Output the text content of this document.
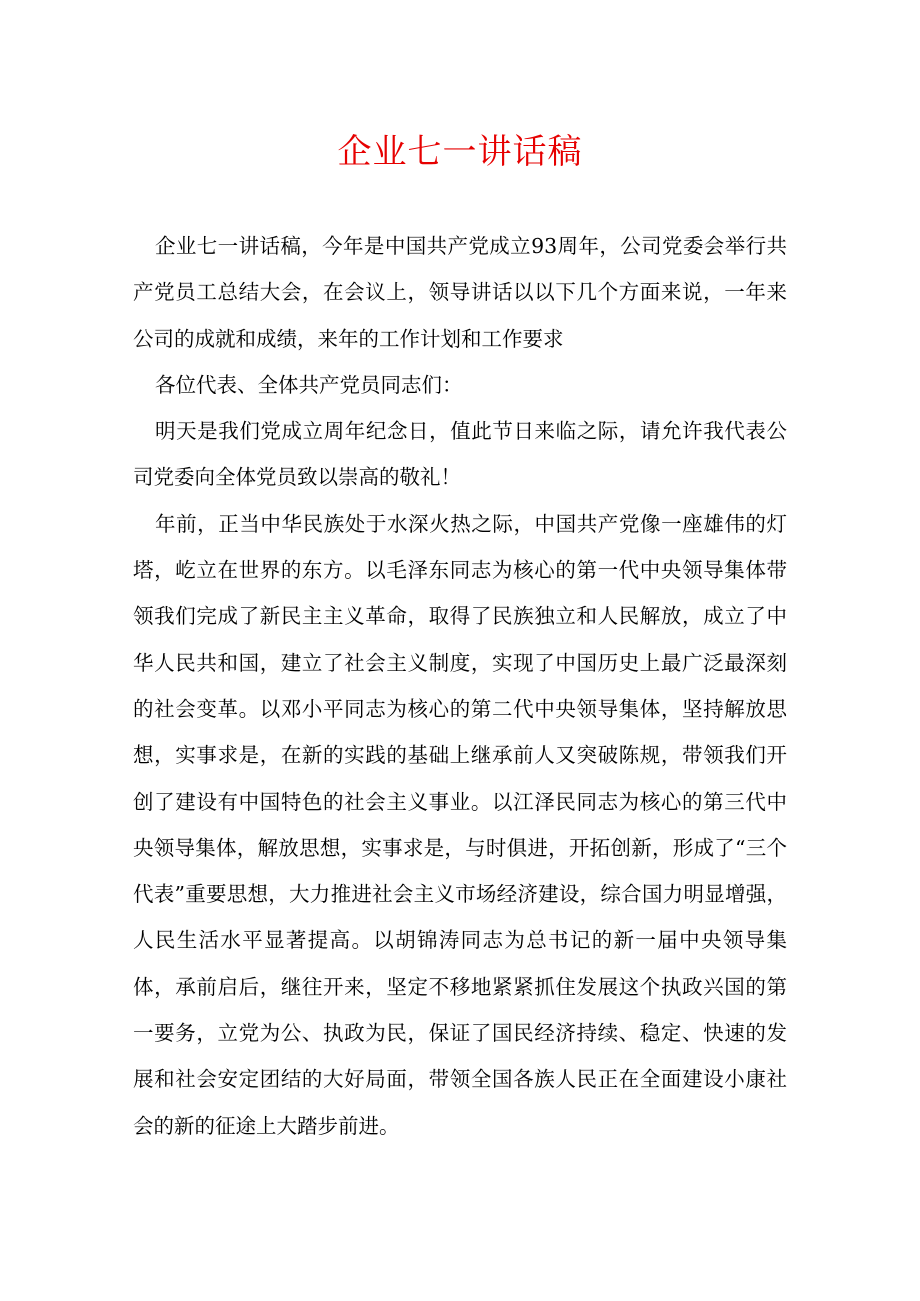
企业七一讲话稿

企业七一讲话稿，今年是中国共产党成立93周年，公司党委会举行共产党员工总结大会，在会议上，领导讲话以以下几个方面来说，一年来公司的成就和成绩，来年的工作计划和工作要求

各位代表、全体共产党员同志们：

明天是我们党成立周年纪念日，值此节日来临之际，请允许我代表公司党委向全体党员致以崇高的敬礼！

年前，正当中华民族处于水深火热之际，中国共产党像一座雄伟的灯塔，屹立在世界的东方。以毛泽东同志为核心的第一代中央领导集体带领我们完成了新民主主义革命，取得了民族独立和人民解放，成立了中华人民共和国，建立了社会主义制度，实现了中国历史上最广泛最深刻的社会变革。以邓小平同志为核心的第二代中央领导集体，坚持解放思想，实事求是，在新的实践的基础上继承前人又突破陈规，带领我们开创了建设有中国特色的社会主义事业。以江泽民同志为核心的第三代中央领导集体，解放思想，实事求是，与时俱进，开拓创新，形成了“三个代表”重要思想，大力推进社会主义市场经济建设，综合国力明显增强，人民生活水平显著提高。以胡锦涛同志为总书记的新一届中央领导集体，承前启后，继往开来，坚定不移地紧紧抓住发展这个执政兴国的第一要务，立党为公、执政为民，保证了国民经济持续、稳定、快速的发展和社会安定团结的大好局面，带领全国各族人民正在全面建设小康社会的新的征途上大踏步前进。
